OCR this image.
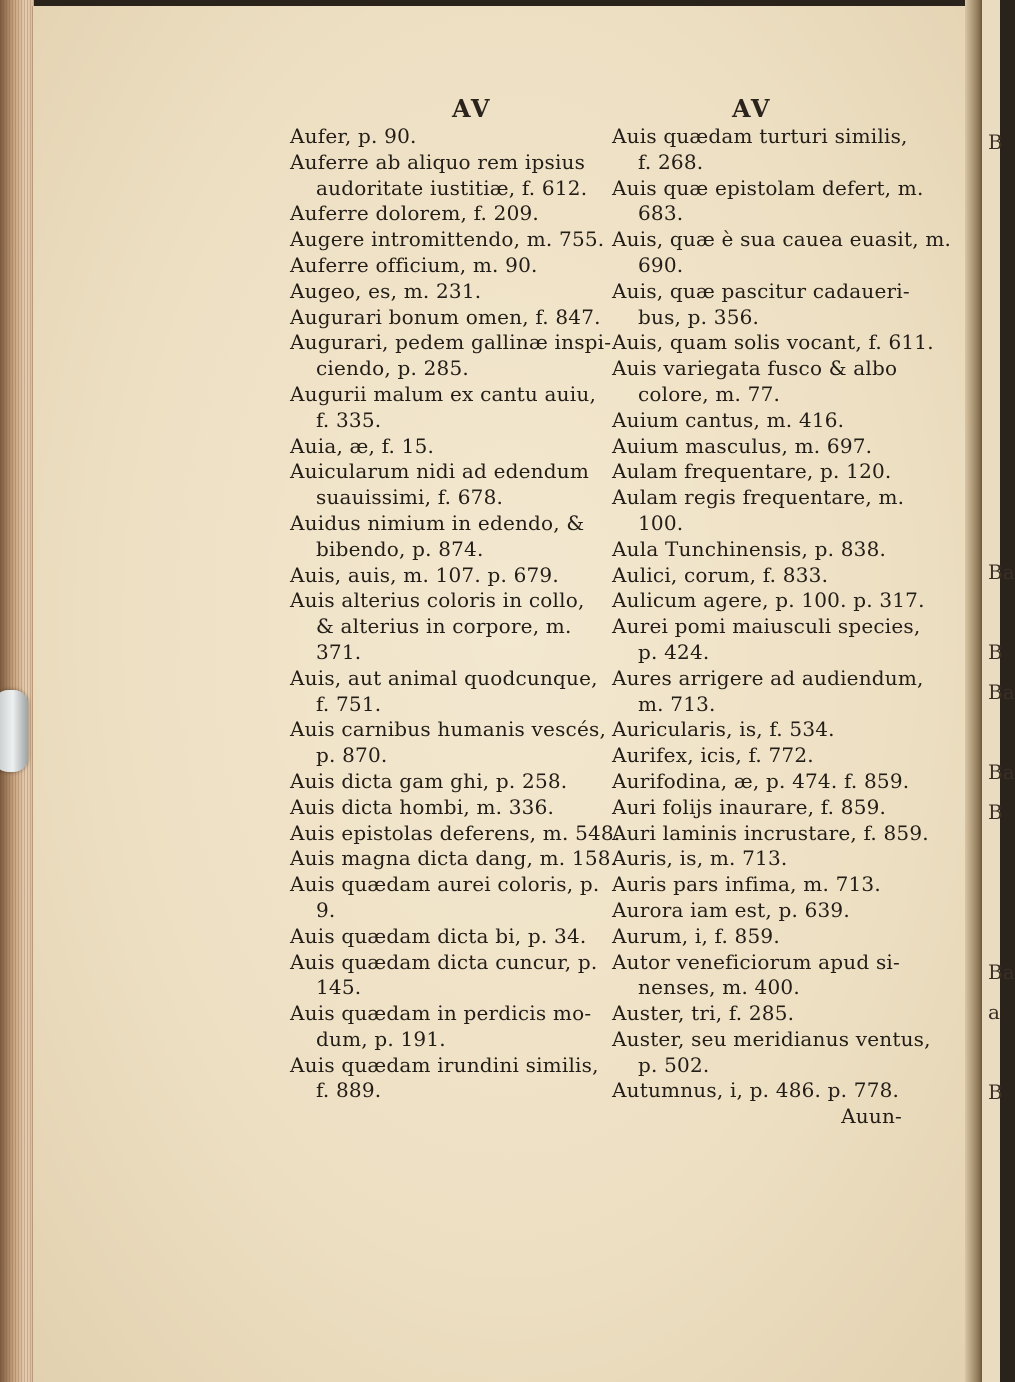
B
Ba
B
Ba
Ba
B
Ba
a
B
AV	AV
Aufer, p. 90.
Auferre ab aliquo rem ipsius
audoritate iustitiæ, f. 612.
Auferre dolorem, f. 209.
Augere intromittendo, m. 755.
Auferre officium, m. 90.
Augeo, es, m. 231.
Augurari bonum omen, f. 847.
Augurari, pedem gallinæ inspi-
ciendo, p. 285.
Augurii malum ex cantu auiu,
f. 335.
Auia, æ, f. 15.
Auicularum nidi ad edendum
suauissimi, f. 678.
Auidus nimium in edendo, &
bibendo, p. 874.
Auis, auis, m. 107. p. 679.
Auis alterius coloris in collo,
& alterius in corpore, m.
371.
Auis, aut animal quodcunque,
f. 751.
Auis carnibus humanis vescés,
p. 870.
Auis dicta gam ghi, p. 258.
Auis dicta hombi, m. 336.
Auis epistolas deferens, m. 548.
Auis magna dicta dang, m. 158.
Auis quædam aurei coloris, p.
9.
Auis quædam dicta bi, p. 34.
Auis quædam dicta cuncur, p.
145.
Auis quædam in perdicis mo-
dum, p. 191.
Auis quædam irundini similis,
f. 889.
Auis quædam turturi similis,
f. 268.
Auis quæ epistolam defert, m.
683.
Auis, quæ è sua cauea euasit, m.
690.
Auis, quæ pascitur cadaueri-
bus, p. 356.
Auis, quam solis vocant, f. 611.
Auis variegata fusco & albo
colore, m. 77.
Auium cantus, m. 416.
Auium masculus, m. 697.
Aulam frequentare, p. 120.
Aulam regis frequentare, m.
100.
Aula Tunchinensis, p. 838.
Aulici, corum, f. 833.
Aulicum agere, p. 100. p. 317.
Aurei pomi maiusculi species,
p. 424.
Aures arrigere ad audiendum,
m. 713.
Auricularis, is, f. 534.
Aurifex, icis, f. 772.
Aurifodina, æ, p. 474. f. 859.
Auri folijs inaurare, f. 859.
Auri laminis incrustare, f. 859.
Auris, is, m. 713.
Auris pars infima, m. 713.
Aurora iam est, p. 639.
Aurum, i, f. 859.
Autor veneficiorum apud si-
nenses, m. 400.
Auster, tri, f. 285.
Auster, seu meridianus ventus,
p. 502.
Autumnus, i, p. 486. p. 778.
Auun-
